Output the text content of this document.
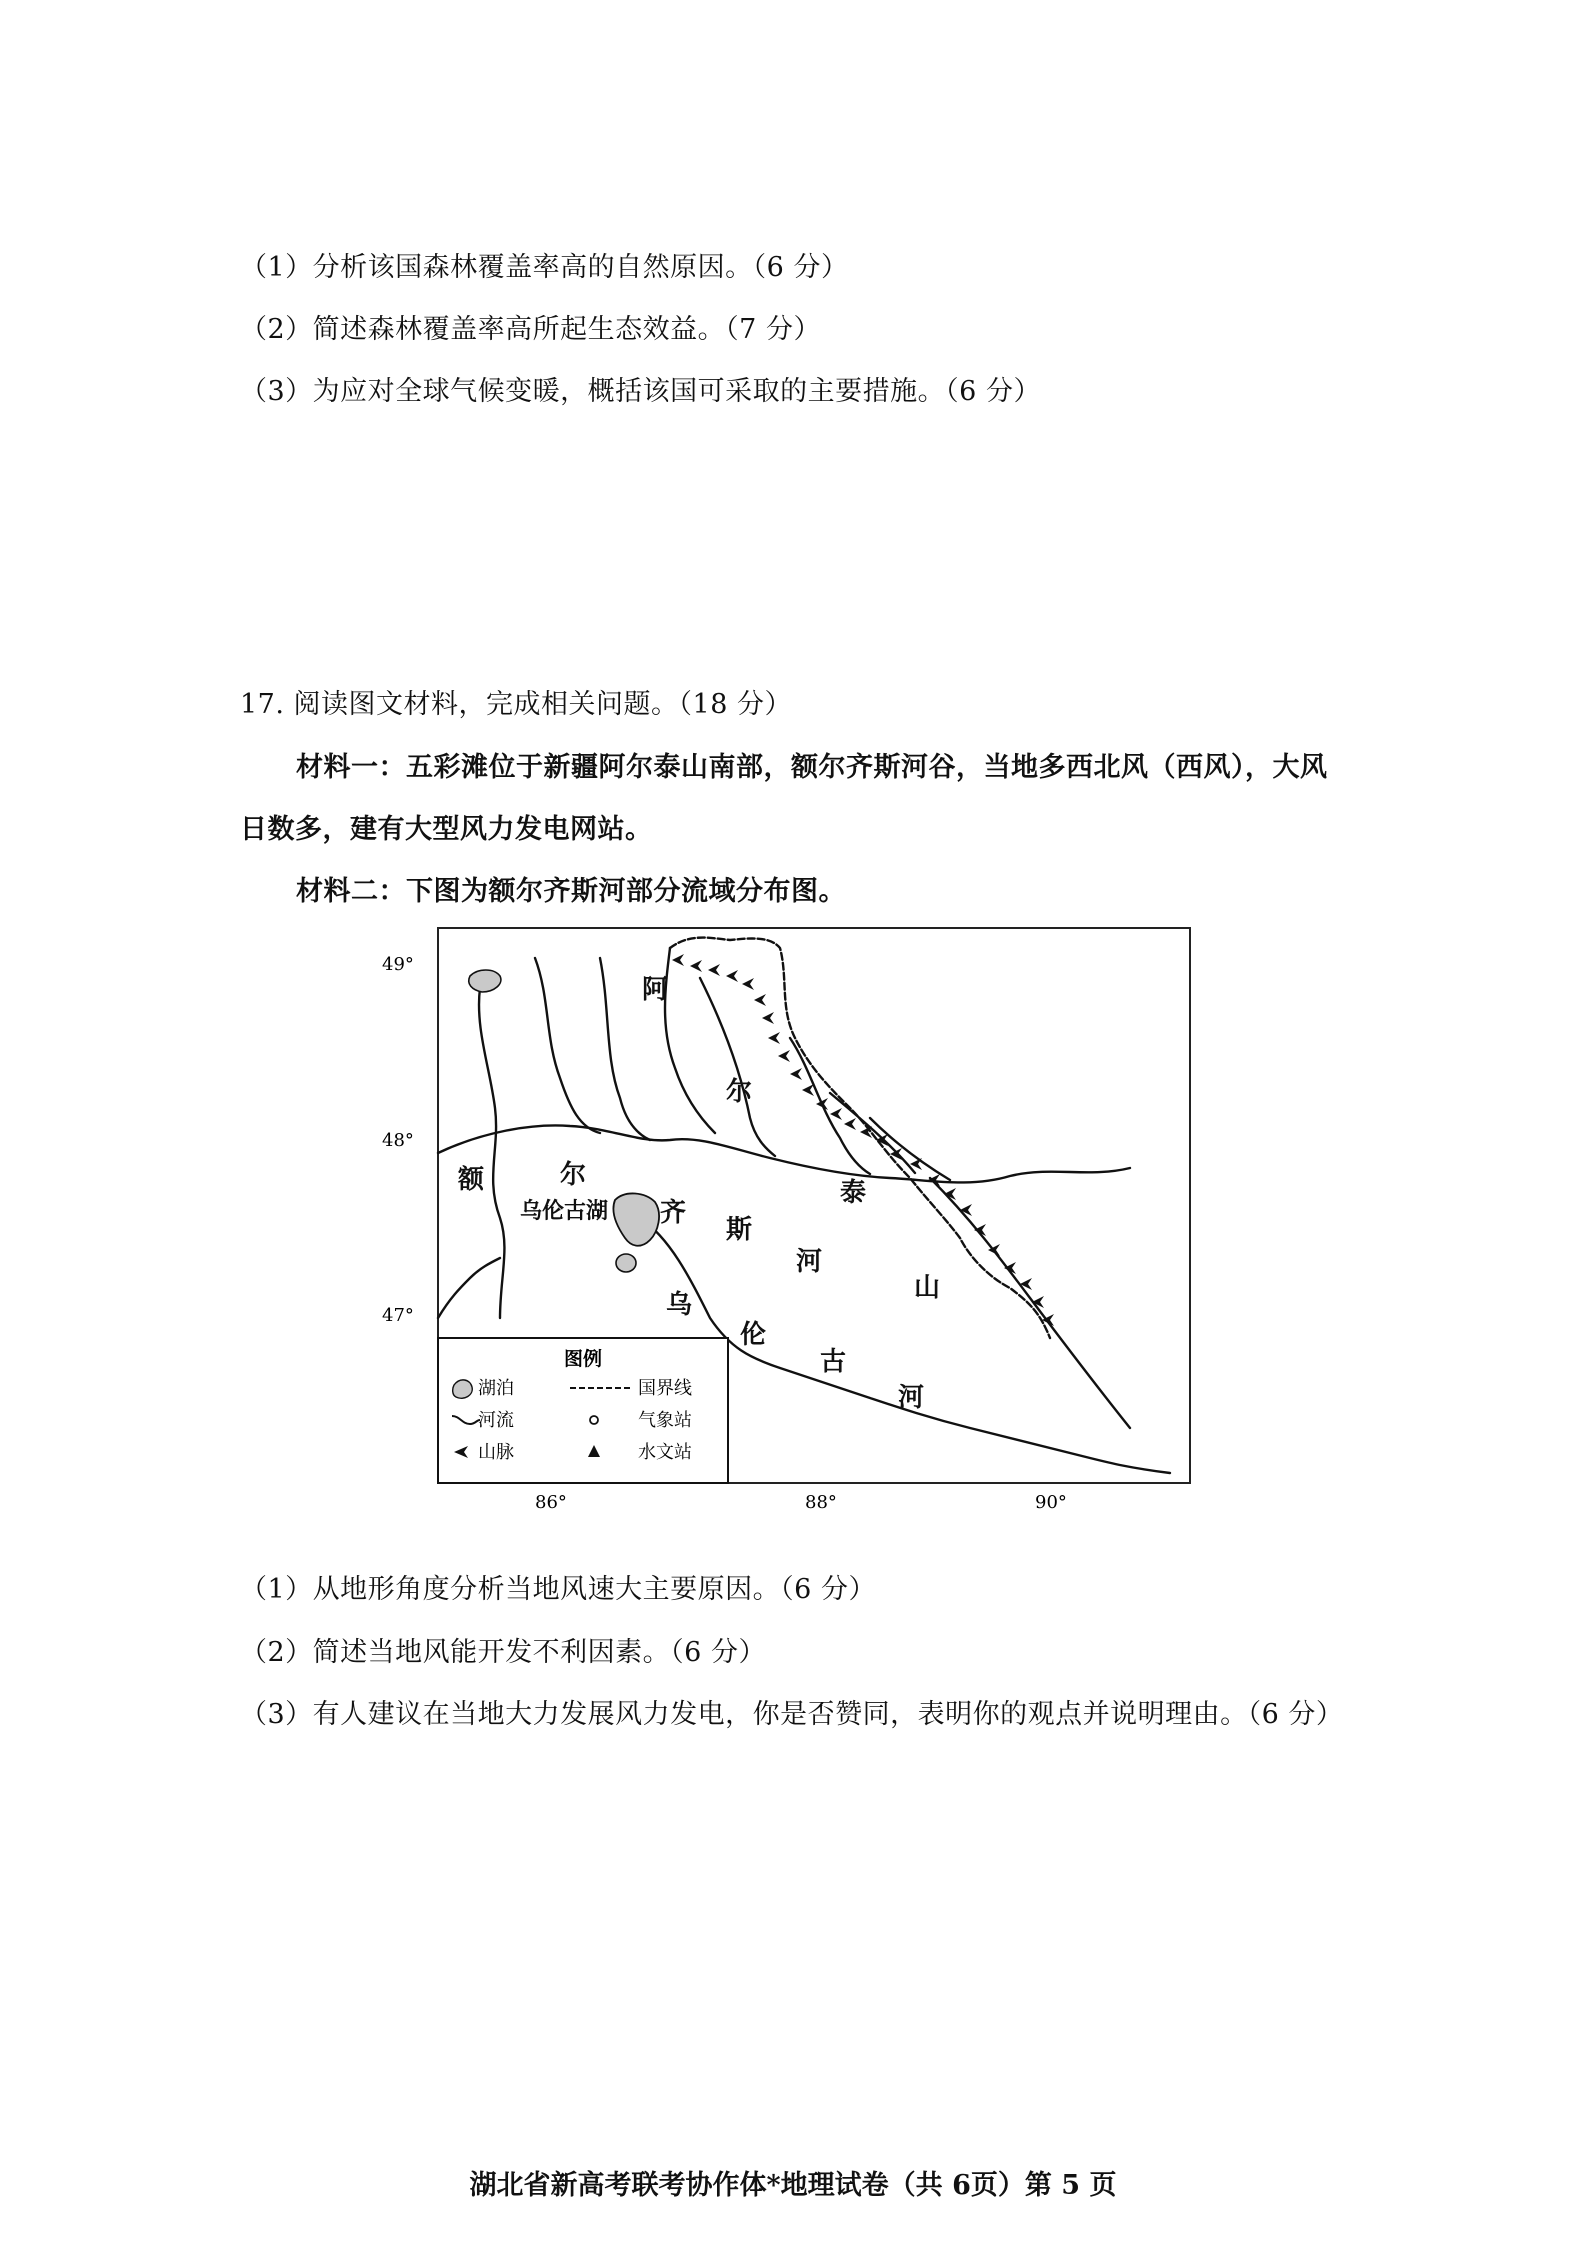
（1）分析该国森林覆盖率高的自然原因。（6 分）
（2）简述森林覆盖率高所起生态效益。（7 分）
（3）为应对全球气候变暖，概括该国可采取的主要措施。（6 分）
17. 阅读图文材料，完成相关问题。（18 分）
材料一：五彩滩位于新疆阿尔泰山南部，额尔齐斯河谷，当地多西北风（西风），大风
日数多，建有大型风力发电网站。
材料二：下图为额尔齐斯河部分流域分布图。
49°
48°
47°
86°	88°	90°
阿
尔
泰
山
额	尔
齐
斯
河
乌伦古湖
乌
伦
古
河
图例
湖泊	国界线
河流	气象站
山脉	水文站
（1）从地形角度分析当地风速大主要原因。（6 分）
（2）简述当地风能开发不利因素。（6 分）
（3）有人建议在当地大力发展风力发电，你是否赞同，表明你的观点并说明理由。（6 分）
湖北省新高考联考协作体*地理试卷（共 6页）第 5 页
